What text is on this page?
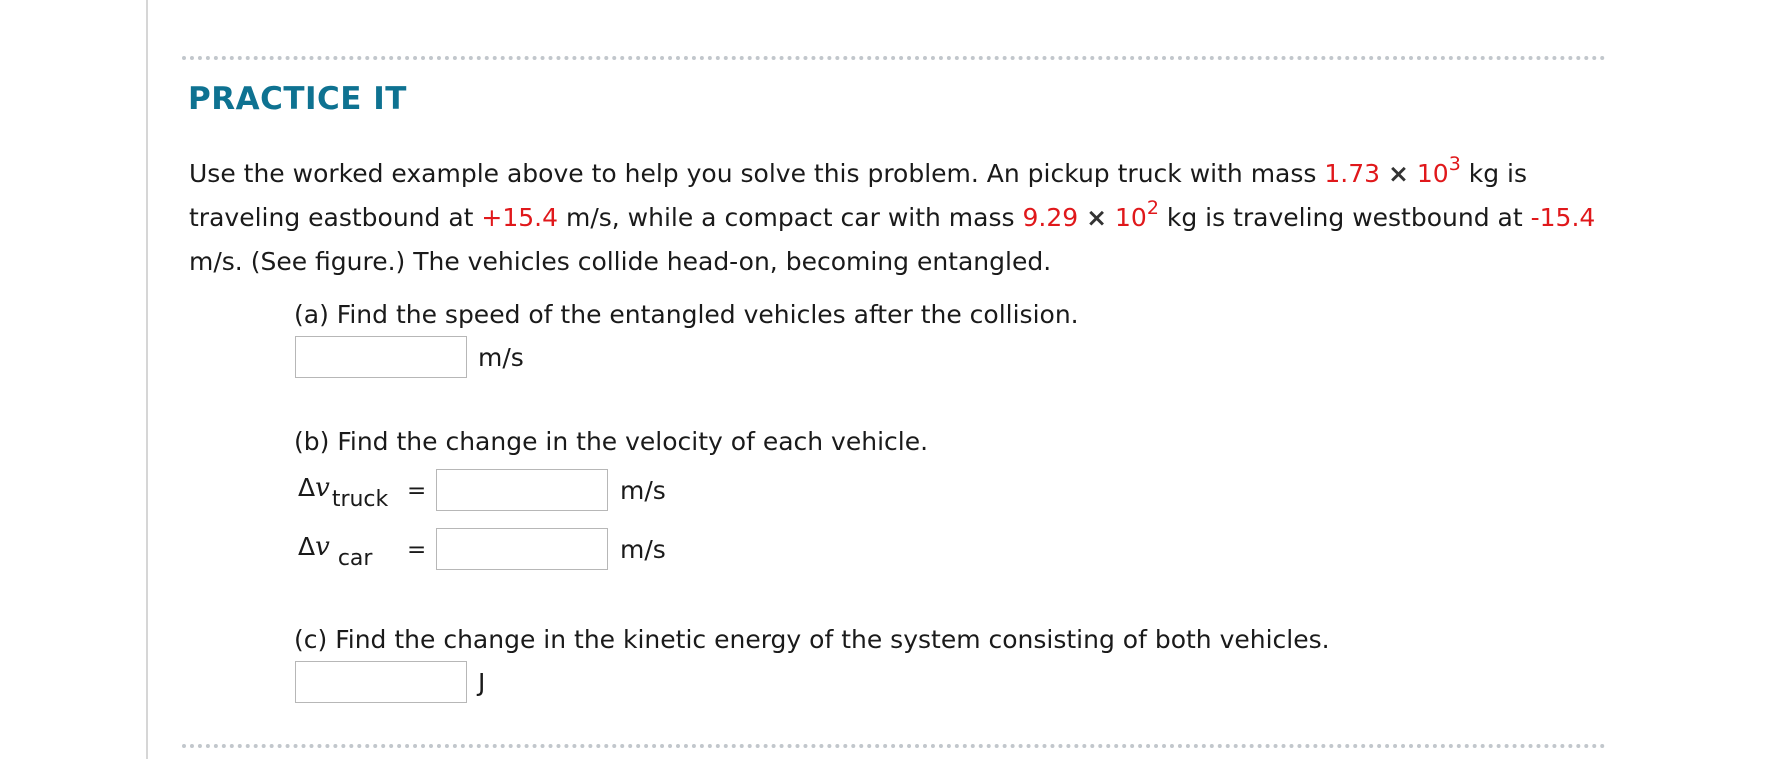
PRACTICE IT

Use the worked example above to help you solve this problem. An pickup truck with mass $1.73 \times 10^3$ kg is traveling eastbound at +15.4 m/s, while a compact car with mass $9.29 \times 10^2$ kg is traveling westbound at -15.4 m/s. (See figure.) The vehicles collide head-on, becoming entangled.

(a) Find the speed of the entangled vehicles after the collision.
m/s
(b) Find the change in the velocity of each vehicle.
Δvtruck =	m/s
Δv car =	m/s
(c) Find the change in the kinetic energy of the system consisting of both vehicles.
J
